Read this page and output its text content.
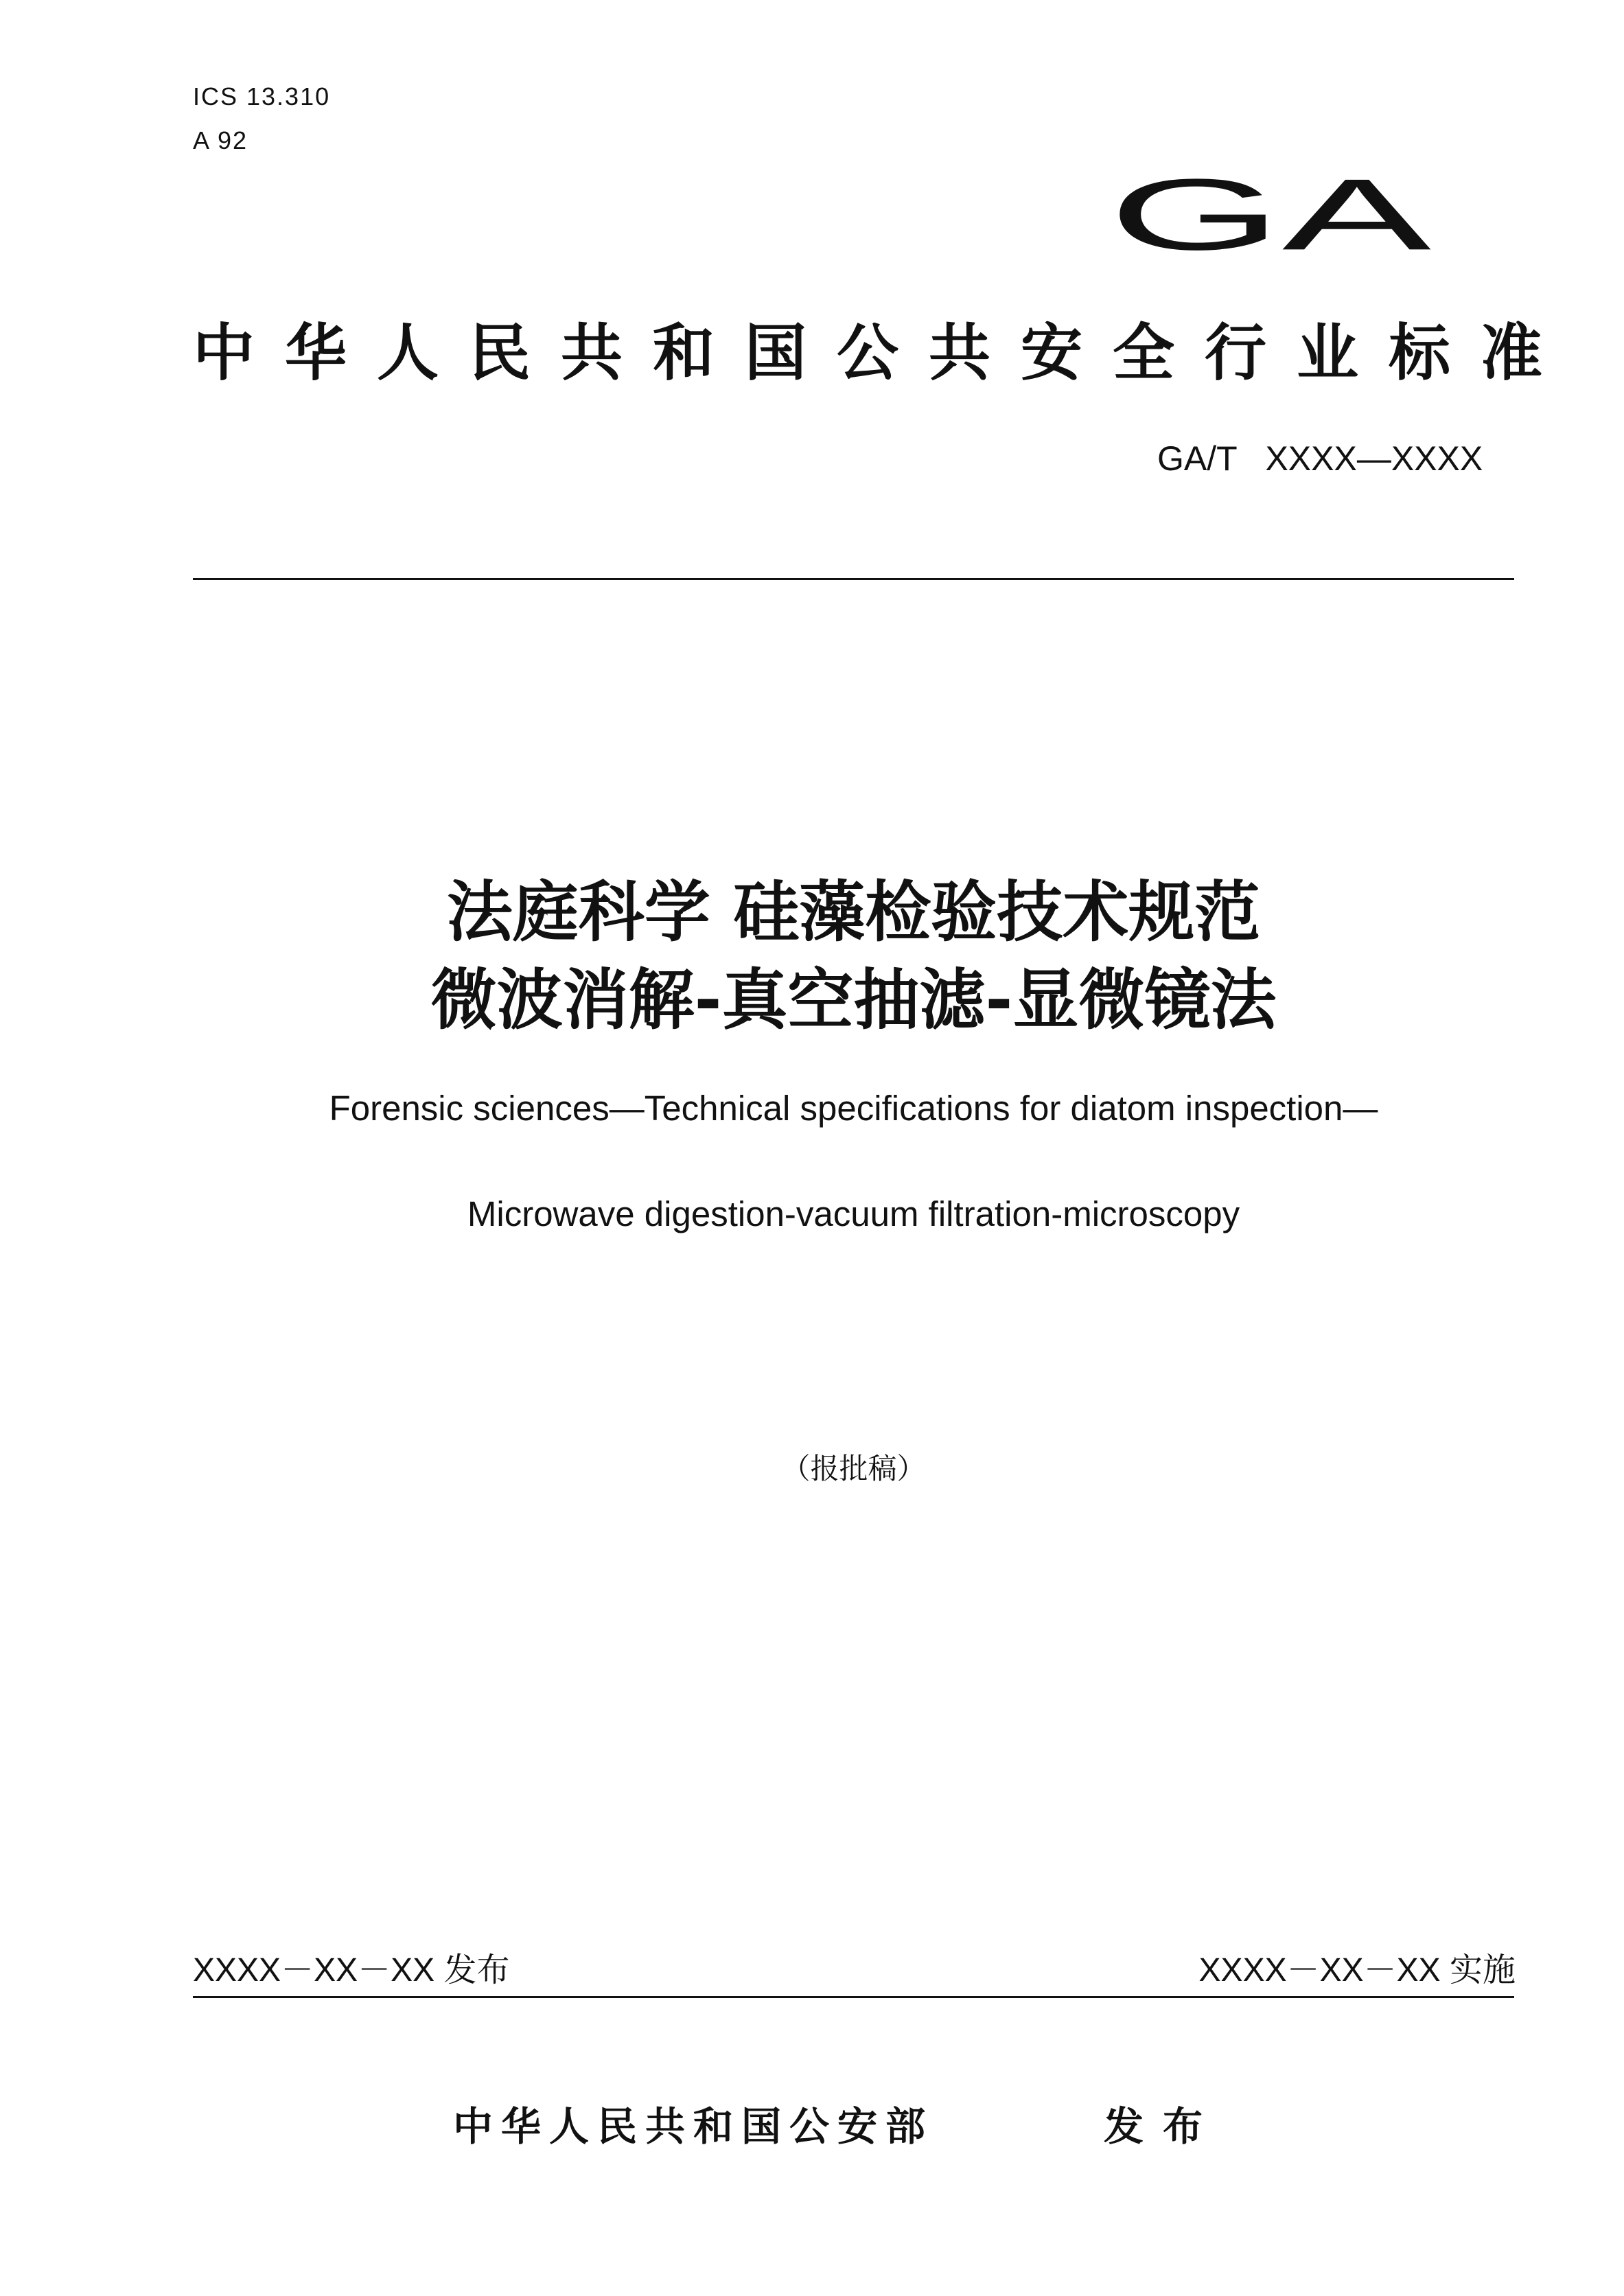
ICS 13.310
A 92
GA
中华人民共和国公共安全行业标准
GA/T   XXXX—XXXX
法庭科学 硅藻检验技术规范
微波消解-真空抽滤-显微镜法
Forensic sciences—Technical specifications for diatom inspection—
Microwave digestion-vacuum filtration-microscopy
（报批稿）
XXXX－XX－XX 发布	XXXX－XX－XX 实施
中华人民共和国公安部	发布
